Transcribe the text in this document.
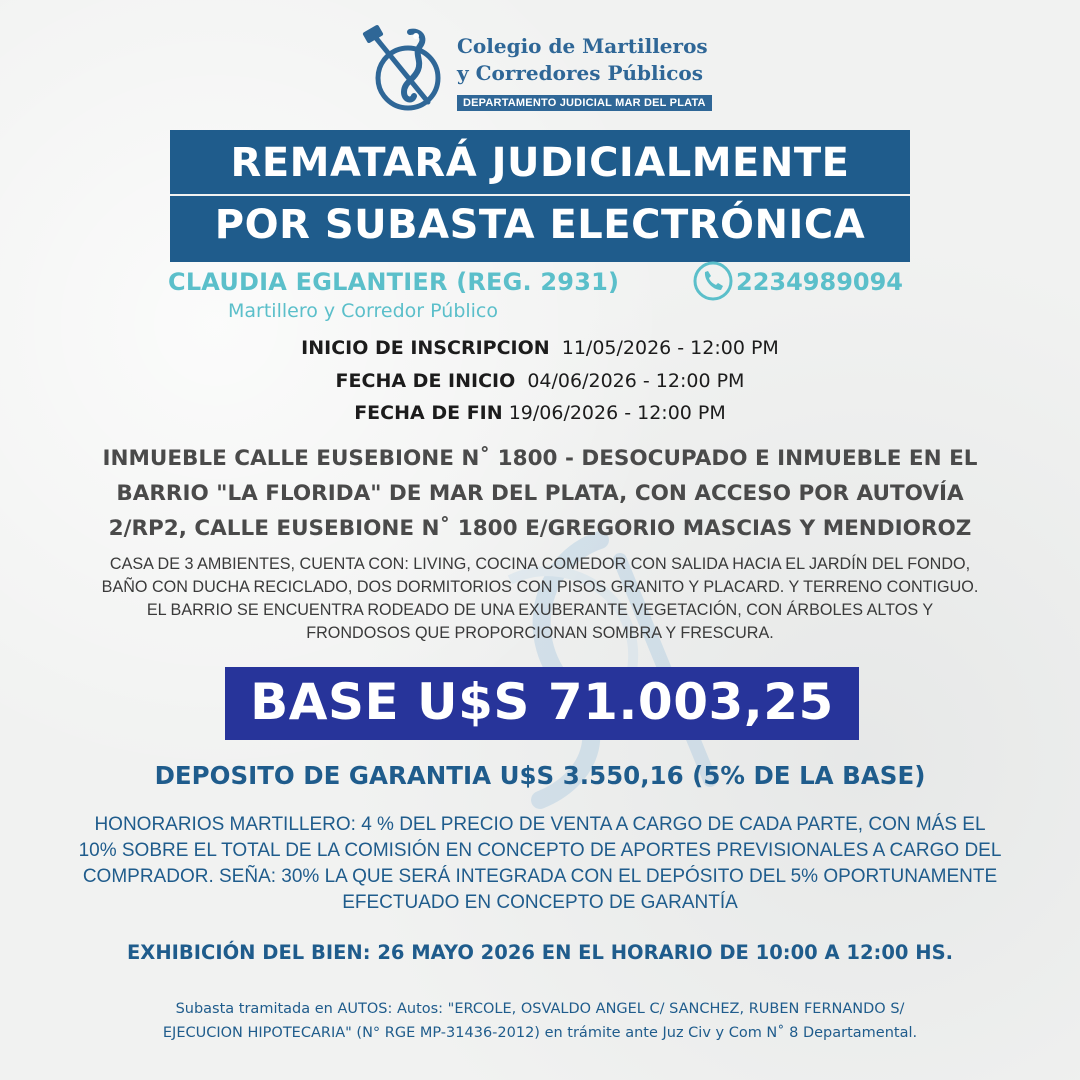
Colegio de Martilleros
y Corredores Públicos
DEPARTAMENTO JUDICIAL MAR DEL PLATA
REMATARÁ JUDICIALMENTE
POR SUBASTA ELECTRÓNICA
CLAUDIA EGLANTIER (REG. 2931)	2234989094
Martillero y Corredor Público
INICIO DE INSCRIPCION 11/05/2026 - 12:00 PM
FECHA DE INICIO 04/06/2026 - 12:00 PM
FECHA DE FIN 19/06/2026 - 12:00 PM
INMUEBLE CALLE EUSEBIONE N˚ 1800 - DESOCUPADO E INMUEBLE EN EL
BARRIO "LA FLORIDA" DE MAR DEL PLATA, CON ACCESO POR AUTOVÍA
2/RP2, CALLE EUSEBIONE N˚ 1800 E/GREGORIO MASCIAS Y MENDIOROZ
CASA DE 3 AMBIENTES, CUENTA CON: LIVING, COCINA COMEDOR CON SALIDA HACIA EL JARDÍN DEL FONDO,
BAÑO CON DUCHA RECICLADO, DOS DORMITORIOS CON PISOS GRANITO Y PLACARD. Y TERRENO CONTIGUO.
EL BARRIO SE ENCUENTRA RODEADO DE UNA EXUBERANTE VEGETACIÓN, CON ÁRBOLES ALTOS Y
FRONDOSOS QUE PROPORCIONAN SOMBRA Y FRESCURA.
BASE U$S 71.003,25
DEPOSITO DE GARANTIA U$S 3.550,16 (5% DE LA BASE)
HONORARIOS MARTILLERO: 4 % DEL PRECIO DE VENTA A CARGO DE CADA PARTE, CON MÁS EL
10% SOBRE EL TOTAL DE LA COMISIÓN EN CONCEPTO DE APORTES PREVISIONALES A CARGO DEL
COMPRADOR. SEÑA: 30% LA QUE SERÁ INTEGRADA CON EL DEPÓSITO DEL 5% OPORTUNAMENTE
EFECTUADO EN CONCEPTO DE GARANTÍA
EXHIBICIÓN DEL BIEN: 26 MAYO 2026 EN EL HORARIO DE 10:00 A 12:00 HS.
Subasta tramitada en AUTOS: Autos: "ERCOLE, OSVALDO ANGEL C/ SANCHEZ, RUBEN FERNANDO S/
EJECUCION HIPOTECARIA" (N° RGE MP-31436-2012) en trámite ante Juz Civ y Com N˚ 8 Departamental.
